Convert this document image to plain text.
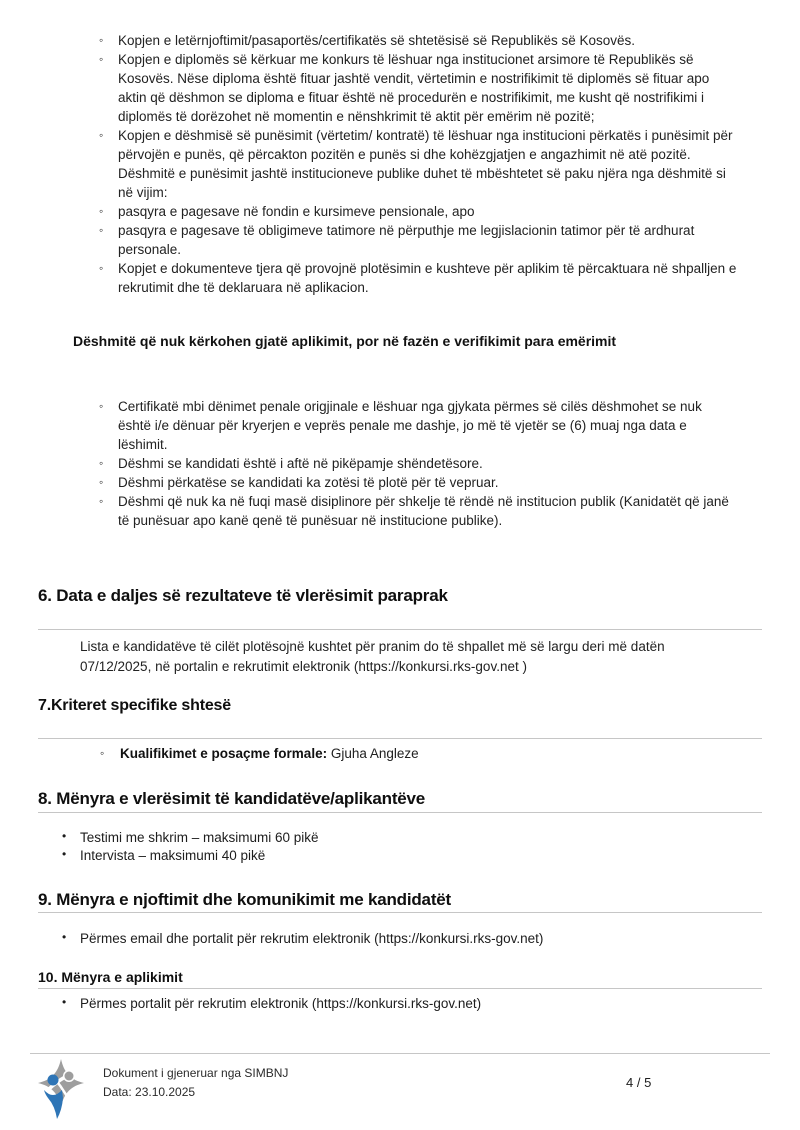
◦ Kopjen e letërnjoftimit/pasaportës/certifikatës së shtetësisë së Republikës së Kosovës.
◦ Kopjen e diplomës së kërkuar me konkurs të lëshuar nga institucionet arsimore të Republikës së Kosovës. Nëse diploma është fituar jashtë vendit, vërtetimin e nostrifikimit të diplomës së fituar apo aktin që dëshmon se diploma e fituar është në procedurën e nostrifikimit, me kusht që nostrifikimi i diplomës të dorëzohet në momentin e nënshkrimit të aktit për emërim në pozitë;
◦ Kopjen e dëshmisë së punësimit (vërtetim/ kontratë) të lëshuar nga institucioni përkatës i punësimit për përvojën e punës, që përcakton pozitën e punës si dhe kohëzgjatjen e angazhimit në atë pozitë. Dëshmitë e punësimit jashtë institucioneve publike duhet të mbështetet së paku njëra nga dëshmitë si në vijim:
◦ pasqyra e pagesave në fondin e kursimeve pensionale, apo
◦ pasqyra e pagesave të obligimeve tatimore në përputhje me legjislacionin tatimor për të ardhurat personale.
◦ Kopjet e dokumenteve tjera që provojnë plotësimin e kushteve për aplikim të përcaktuara në shpalljen e rekrutimit dhe të deklaruara në aplikacion.
Dëshmitë që nuk kërkohen gjatë aplikimit, por në fazën e verifikimit para emërimit
◦ Certifikatë mbi dënimet penale origjinale e lëshuar nga gjykata përmes së cilës dëshmohet se nuk është i/e dënuar për kryerjen e veprës penale me dashje, jo më të vjetër se (6) muaj nga data e lëshimit.
◦ Dëshmi se kandidati është i aftë në pikëpamje shëndetësore.
◦ Dëshmi përkatëse se kandidati ka zotësi të plotë për të vepruar.
◦ Dëshmi që nuk ka në fuqi masë disiplinore për shkelje të rëndë në institucion publik (Kanidatët që janë të punësuar apo kanë qenë të punësuar në institucione publike).
6. Data e daljes së rezultateve të vlerësimit paraprak
Lista e kandidatëve të cilët plotësojnë kushtet për pranim do të shpallet më së largu deri më datën 07/12/2025, në portalin e rekrutimit elektronik (https://konkursi.rks-gov.net )
7.Kriteret specifike shtesë
◦ Kualifikimet e posaçme formale: Gjuha Angleze
8. Mënyra e vlerësimit të kandidatëve/aplikantëve
• Testimi me shkrim – maksimumi 60 pikë
• Intervista – maksimumi 40 pikë
9. Mënyra e njoftimit dhe komunikimit me kandidatët
• Përmes email dhe portalit për rekrutim elektronik (https://konkursi.rks-gov.net)
10. Mënyra e aplikimit
• Përmes portalit për rekrutim elektronik (https://konkursi.rks-gov.net)
Dokument i gjeneruar nga SIMBNJ
Data: 23.10.2025
4 / 5
